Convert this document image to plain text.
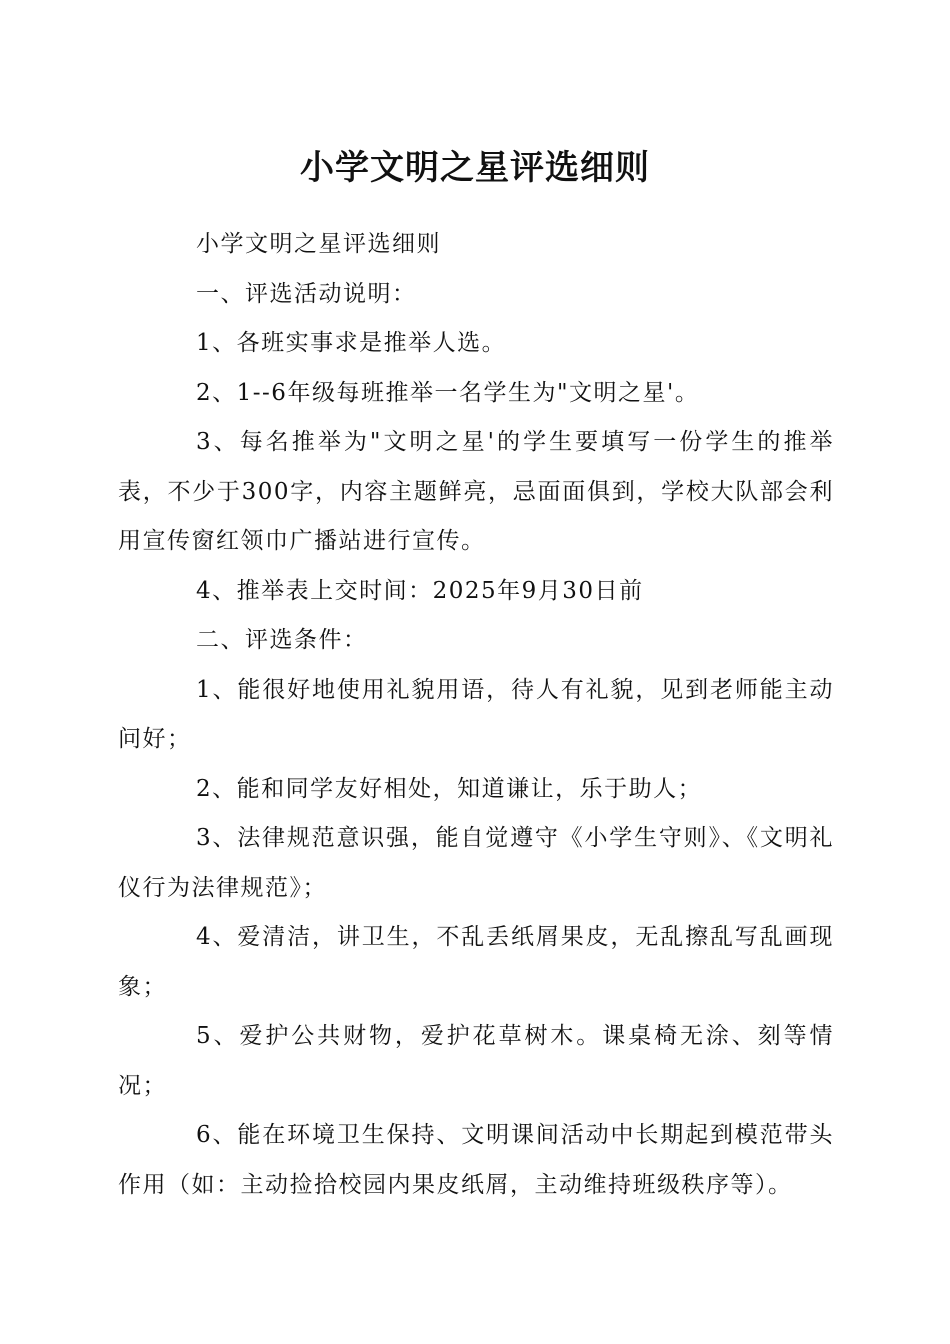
小学文明之星评选细则

小学文明之星评选细则

一、评选活动说明：

1、各班实事求是推举人选。

2、1--6年级每班推举一名学生为"文明之星'。

3、每名推举为"文明之星'的学生要填写一份学生的推举表，不少于300字，内容主题鲜亮，忌面面俱到，学校大队部会利用宣传窗红领巾广播站进行宣传。

4、推举表上交时间：2025年9月30日前

二、评选条件：

1、能很好地使用礼貌用语，待人有礼貌，见到老师能主动问好；

2、能和同学友好相处，知道谦让，乐于助人；

3、法律规范意识强，能自觉遵守《小学生守则》、《文明礼仪行为法律规范》；

4、爱清洁，讲卫生，不乱丢纸屑果皮，无乱擦乱写乱画现象；

5、爱护公共财物，爱护花草树木。课桌椅无涂、刻等情况；

6、能在环境卫生保持、文明课间活动中长期起到模范带头作用（如：主动捡拾校园内果皮纸屑，主动维持班级秩序等）。
